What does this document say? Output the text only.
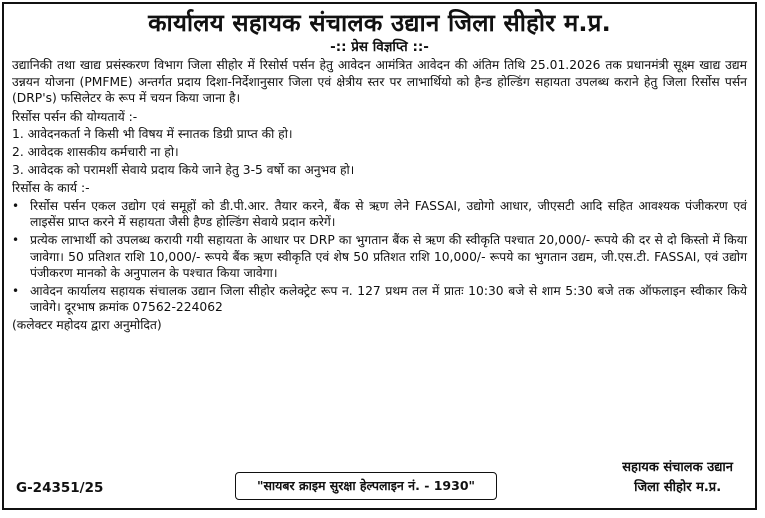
कार्यालय सहायक संचालक उद्यान जिला सीहोर म.प्र.
-:: प्रेस विज्ञप्ति ::-

उद्यानिकी तथा खाद्य प्रसंस्करण विभाग जिला सीहोर में रिसोर्स पर्सन हेतु आवेदन आमंत्रित आवेदन की अंतिम तिथि 25.01.2026 तक प्रधानमंत्री सूक्ष्म खाद्य उद्यम उन्नयन योजना (PMFME) अन्तर्गत प्रदाय दिशा-निर्देशानुसार जिला एवं क्षेत्रीय स्तर पर लाभार्थियो को हैन्ड होल्डिंग सहायता उपलब्ध कराने हेतु जिला रिर्सोस पर्सन (DRP's) फसिलेटर के रूप में चयन किया जाना है।

रिर्सोस पर्सन की योग्यतायें :-

1. आवेदनकर्ता ने किसी भी विषय में स्नातक डिग्री प्राप्त की हो।

2. आवेदक शासकीय कर्मचारी ना हो।

3. आवेदक को परामर्शी सेवाये प्रदाय किये जाने हेतु 3-5 वर्षो का अनुभव हो।

रिर्सोस के कार्य :-

• रिर्सोस पर्सन एकल उद्योग एवं समूहों को डी.पी.आर. तैयार करने, बैंक से ऋण लेने FASSAI, उद्योगो आधार, जीएसटी आदि सहित आवश्यक पंजीकरण एवं लाइसेंस प्राप्त करने में सहायता जैसी हैण्ड होल्डिंग सेवाये प्रदान करेगें।
• प्रत्येक लाभार्थी को उपलब्ध करायी गयी सहायता के आधार पर DRP का भुगतान बैंक से ऋण की स्वीकृति पश्चात 20,000/- रूपये की दर से दो किस्तो में किया जावेगा। 50 प्रतिशत राशि 10,000/- रूपये बैंक ऋण स्वीकृति एवं शेष 50 प्रतिशत राशि 10,000/- रूपये का भुगतान उद्यम, जी.एस.टी. FASSAI, एवं उद्योग पंजीकरण मानको के अनुपालन के पश्चात किया जावेगा।
• आवेदन कार्यालय सहायक संचालक उद्यान जिला सीहोर कलेक्ट्रेट रूप न. 127 प्रथम तल में प्रातः 10:30 बजे से शाम 5:30 बजे तक ऑफलाइन स्वीकार किये जावेगे। दूरभाष क्रमांक 07562-224062

(कलेक्टर महोदय द्वारा अनुमोदित)

G-24351/25	"सायबर क्राइम सुरक्षा हेल्पलाइन नं. - 1930"
सहायक संचालक उद्यान
जिला सीहोर म.प्र.
